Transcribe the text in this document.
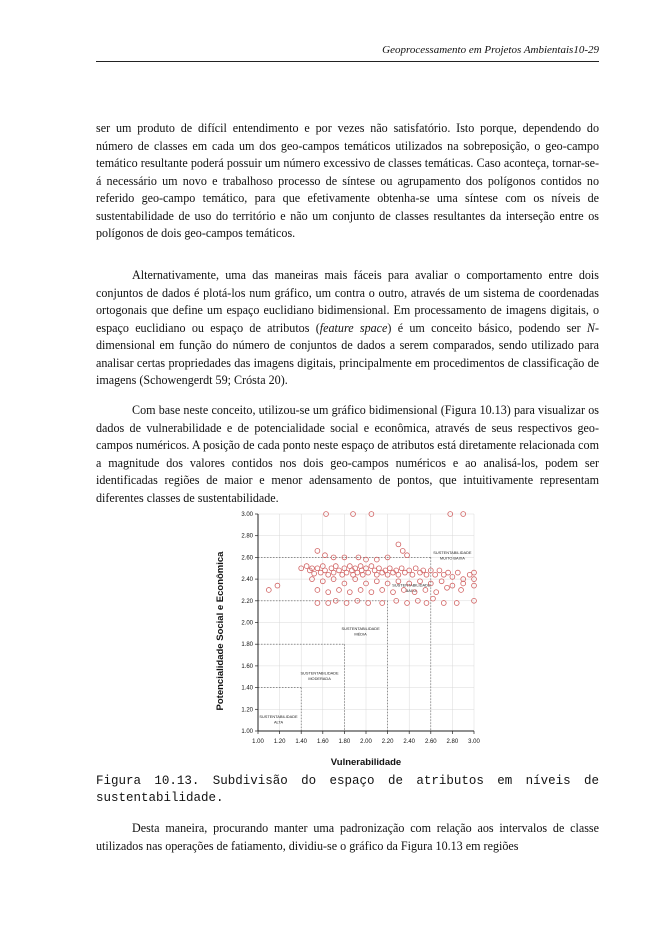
Geoprocessamento em Projetos Ambientais10-29

ser um produto de difícil entendimento e por vezes não satisfatório. Isto porque, dependendo do número de classes em cada um dos geo-campos temáticos utilizados na sobreposição, o geo-campo temático resultante poderá possuir um número excessivo de classes temáticas. Caso aconteça, tornar-se-á necessário um novo e trabalhoso processo de síntese ou agrupamento dos polígonos contidos no referido geo-campo temático, para que efetivamente obtenha-se uma síntese com os níveis de sustentabilidade de uso do território e não um conjunto de classes resultantes da interseção entre os polígonos de dois geo-campos temáticos.

Alternativamente, uma das maneiras mais fáceis para avaliar o comportamento entre dois conjuntos de dados é plotá-los num gráfico, um contra o outro, através de um sistema de coordenadas ortogonais que define um espaço euclidiano bidimensional. Em processamento de imagens digitais, o espaço euclidiano ou espaço de atributos (feature space) é um conceito básico, podendo ser N-dimensional em função do número de conjuntos de dados a serem comparados, sendo utilizado para analisar certas propriedades das imagens digitais, principalmente em procedimentos de classificação de imagens (Schowengerdt 59; Crósta 20).

Com base neste conceito, utilizou-se um gráfico bidimensional (Figura 10.13) para visualizar os dados de vulnerabilidade e de potencialidade social e econômica, através de seus respectivos geo-campos numéricos. A posição de cada ponto neste espaço de atributos está diretamente relacionada com a magnitude dos valores contidos nos dois geo-campos numéricos e ao analisá-los, podem ser identificadas regiões de maior e menor adensamento de pontos, que intuitivamente representam diferentes classes de sustentabilidade.

SUSTENTABILIDADE
MUITO BAIXA
SUSTENTABILIDADE
BAIXA
SUSTENTABILIDADE
MÉDIA
SUSTENTABILIDADE
MODERADA
SUSTENTABILIDADE
ALTA
1.00 1.20 1.40 1.60 1.80 2.00 2.20 2.40 2.60 2.80 3.00
1.00
1.20
1.40
1.60
1.80
2.00
2.20
2.40
2.60
2.80
3.00
Vulnerabilidade
Potencialidade Social e Econômica
Figura 10.13. Subdivisão do espaço de atributos em níveis de sustentabilidade.

Desta maneira, procurando manter uma padronização com relação aos intervalos de classe utilizados nas operações de fatiamento, dividiu-se o gráfico da Figura 10.13 em regiões
